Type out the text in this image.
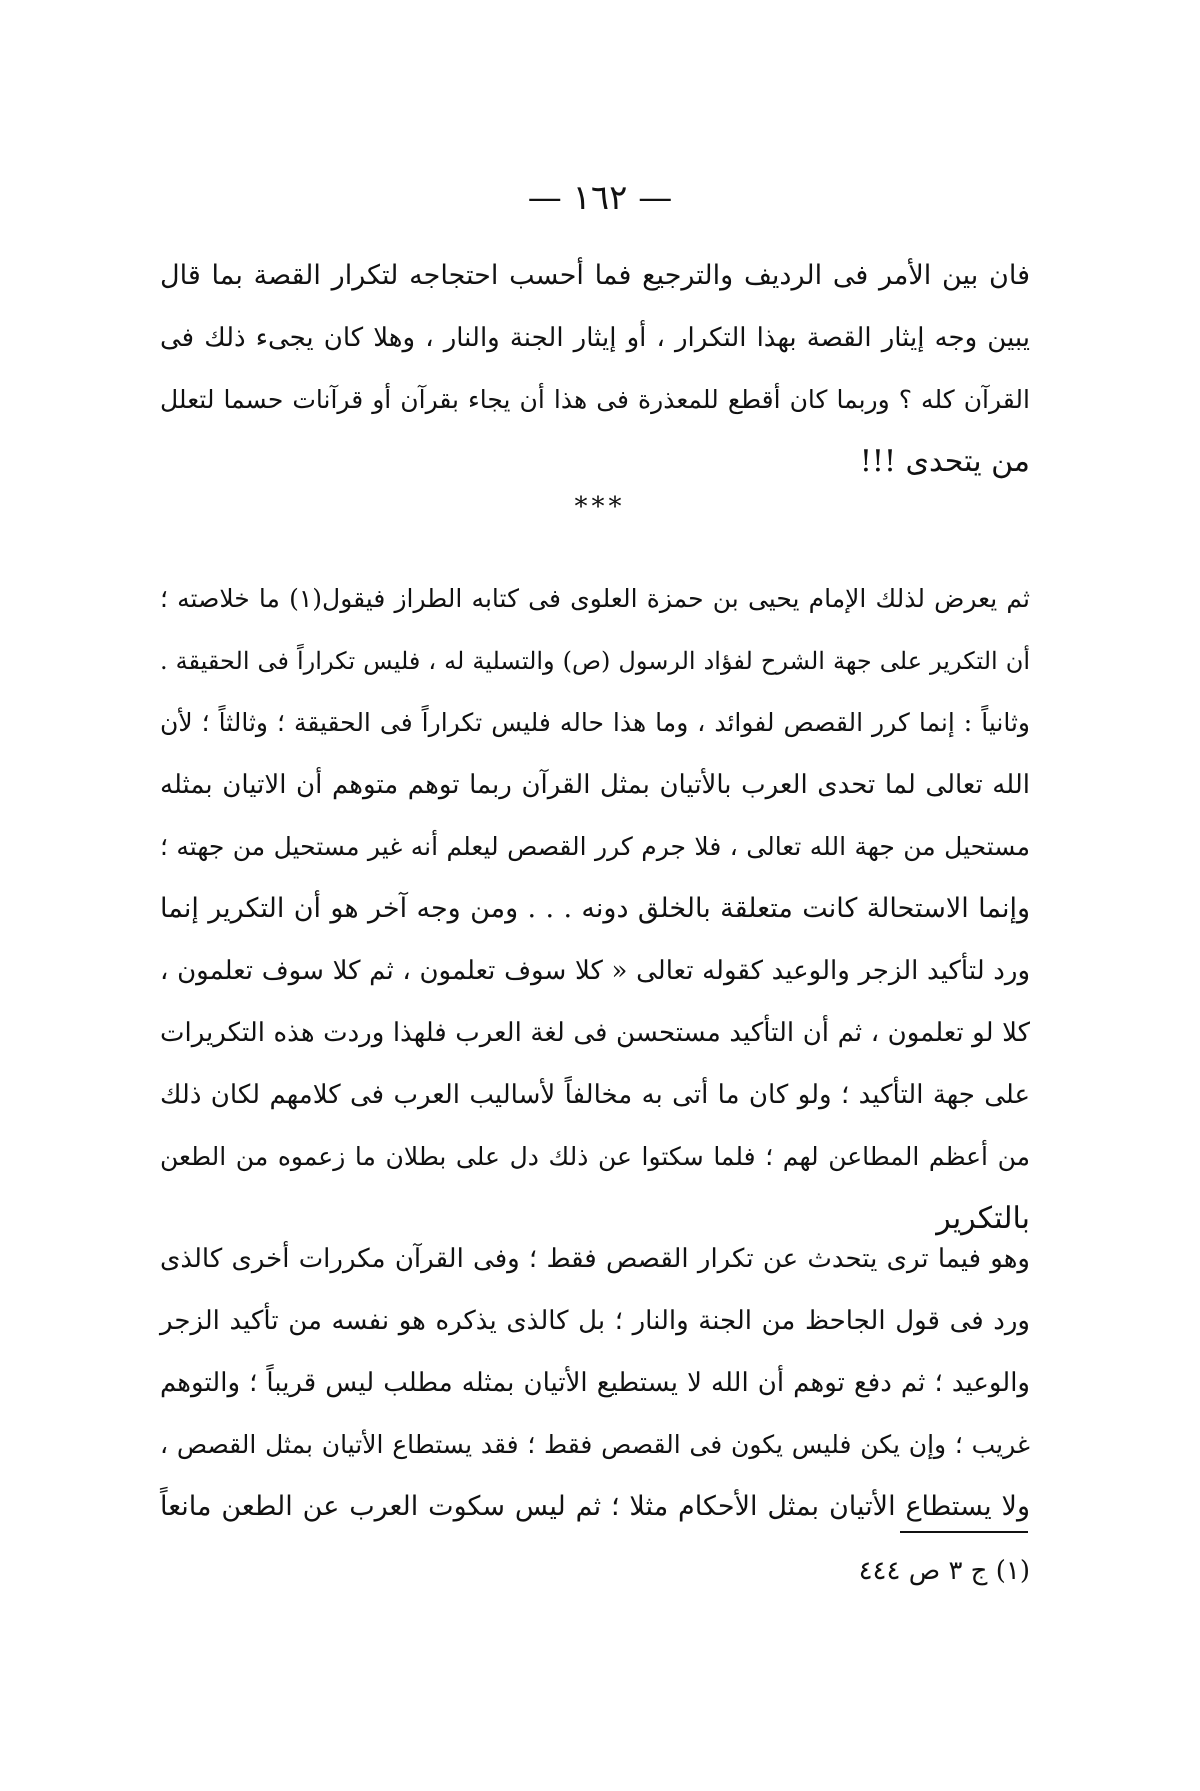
— ١٦٢ —
فان بين الأمر فى الرديف والترجيع فما أحسب احتجاجه لتكرار القصة بما قال
يبين وجه إيثار القصة بهذا التكرار ، أو إيثار الجنة والنار ، وهلا كان يجىء ذلك فى
القرآن كله ؟ وربما كان أقطع للمعذرة فى هذا أن يجاء بقرآن أو قرآنات حسما لتعلل
من يتحدى !!!
***
ثم يعرض لذلك الإمام يحيى بن حمزة العلوى فى كتابه الطراز فيقول(١) ما خلاصته ؛
أن التكرير على جهة الشرح لفؤاد الرسول (ص) والتسلية له ، فليس تكراراً فى الحقيقة .
وثانياً : إنما كرر القصص لفوائد ، وما هذا حاله فليس تكراراً فى الحقيقة ؛ وثالثاً ؛ لأن
الله تعالى لما تحدى العرب بالأتيان بمثل القرآن ربما توهم متوهم أن الاتيان بمثله
مستحيل من جهة الله تعالى ، فلا جرم كرر القصص ليعلم أنه غير مستحيل من جهته ؛
وإنما الاستحالة كانت متعلقة بالخلق دونه . . . ومن وجه آخر هو أن التكرير إنما
ورد لتأكيد الزجر والوعيد كقوله تعالى « كلا سوف تعلمون ، ثم كلا سوف تعلمون ،
كلا لو تعلمون ، ثم أن التأكيد مستحسن فى لغة العرب فلهذا وردت هذه التكريرات
على جهة التأكيد ؛ ولو كان ما أتى به مخالفاً لأساليب العرب فى كلامهم لكان ذلك
من أعظم المطاعن لهم ؛ فلما سكتوا عن ذلك دل على بطلان ما زعموه من الطعن
بالتكرير
وهو فيما ترى يتحدث عن تكرار القصص فقط ؛ وفى القرآن مكررات أخرى كالذى
ورد فى قول الجاحظ من الجنة والنار ؛ بل كالذى يذكره هو نفسه من تأكيد الزجر
والوعيد ؛ ثم دفع توهم أن الله لا يستطيع الأتيان بمثله مطلب ليس قريباً ؛ والتوهم
غريب ؛ وإن يكن فليس يكون فى القصص فقط ؛ فقد يستطاع الأتيان بمثل القصص ،
ولا يستطاع الأتيان بمثل الأحكام مثلا ؛ ثم ليس سكوت العرب عن الطعن مانعاً
(١) ج ٣ ص ٤٤٤
